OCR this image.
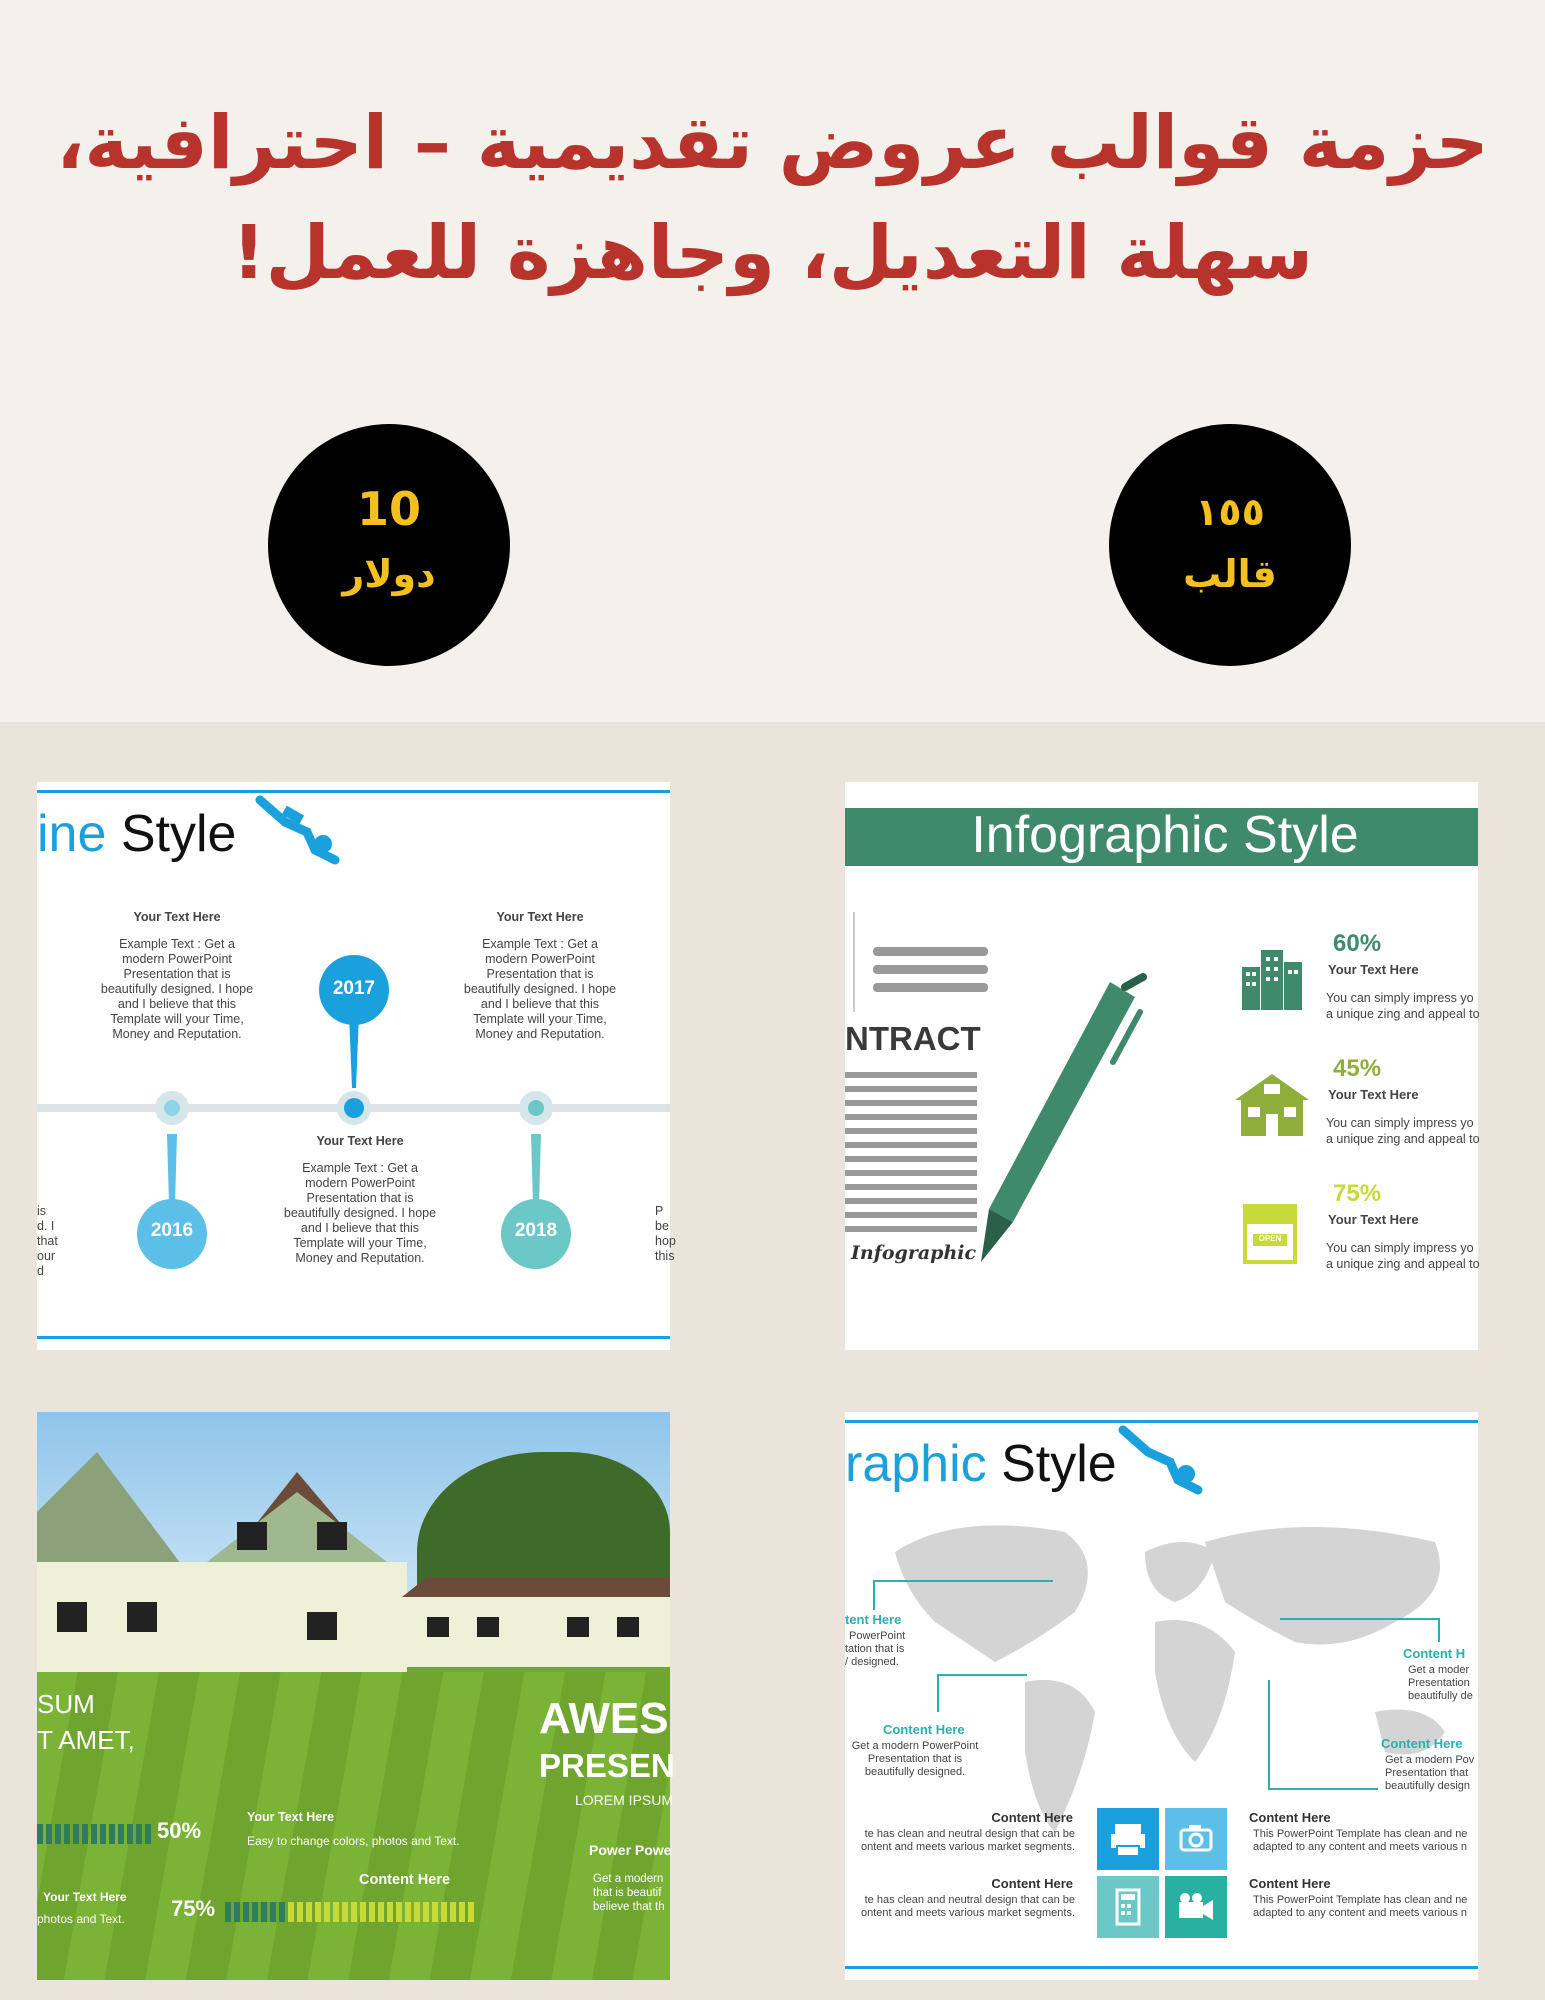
حزمة قوالب عروض تقديمية – احترافية،
سهلة التعديل، وجاهزة للعمل!
10
دولار
١٥٥
قالب
ine Style
Your Text Here
Example Text : Get a modern PowerPoint Presentation that is beautifully designed. I hope and I believe that this Template will your Time, Money and Reputation.
Your Text Here
Example Text : Get a modern PowerPoint Presentation that is beautifully designed. I hope and I believe that this Template will your Time, Money and Reputation.
Your Text Here
Example Text : Get a modern PowerPoint Presentation that is beautifully designed. I hope and I believe that this Template will your Time, Money and Reputation.
is
d. I
that
our
d
P
be
hop
this
2016
2017
2018
Infographic Style
NTRACT
Infographic
OPEN
60%
Your Text Here
You can simply impress yo
a unique zing and appeal to
45%
Your Text Here
You can simply impress yo
a unique zing and appeal to
75%
Your Text Here
You can simply impress yo
a unique zing and appeal to
SUM
T AMET,	AWES
PRESEN
LOREM IPSUM
50%
Your Text Here
Easy to change colors, photos and Text.
Content Here
Power Powe
Get a modern
that is beautif
believe that th
Your Text Here
photos and Text. 75%
raphic Style
tent Here
PowerPoint
tation that is
/ designed.
Content Here
Get a modern PowerPoint
Presentation that is
beautifully designed.
Content H
Get a moder
Presentation
beautifully de
Content Here
Get a modern Pov
Presentation that
beautifully design
Content Here
te has clean and neutral design that can be
ontent and meets various market segments.
Content Here
This PowerPoint Template has clean and ne
adapted to any content and meets various n
Content Here
te has clean and neutral design that can be
ontent and meets various market segments.
Content Here
This PowerPoint Template has clean and ne
adapted to any content and meets various n
